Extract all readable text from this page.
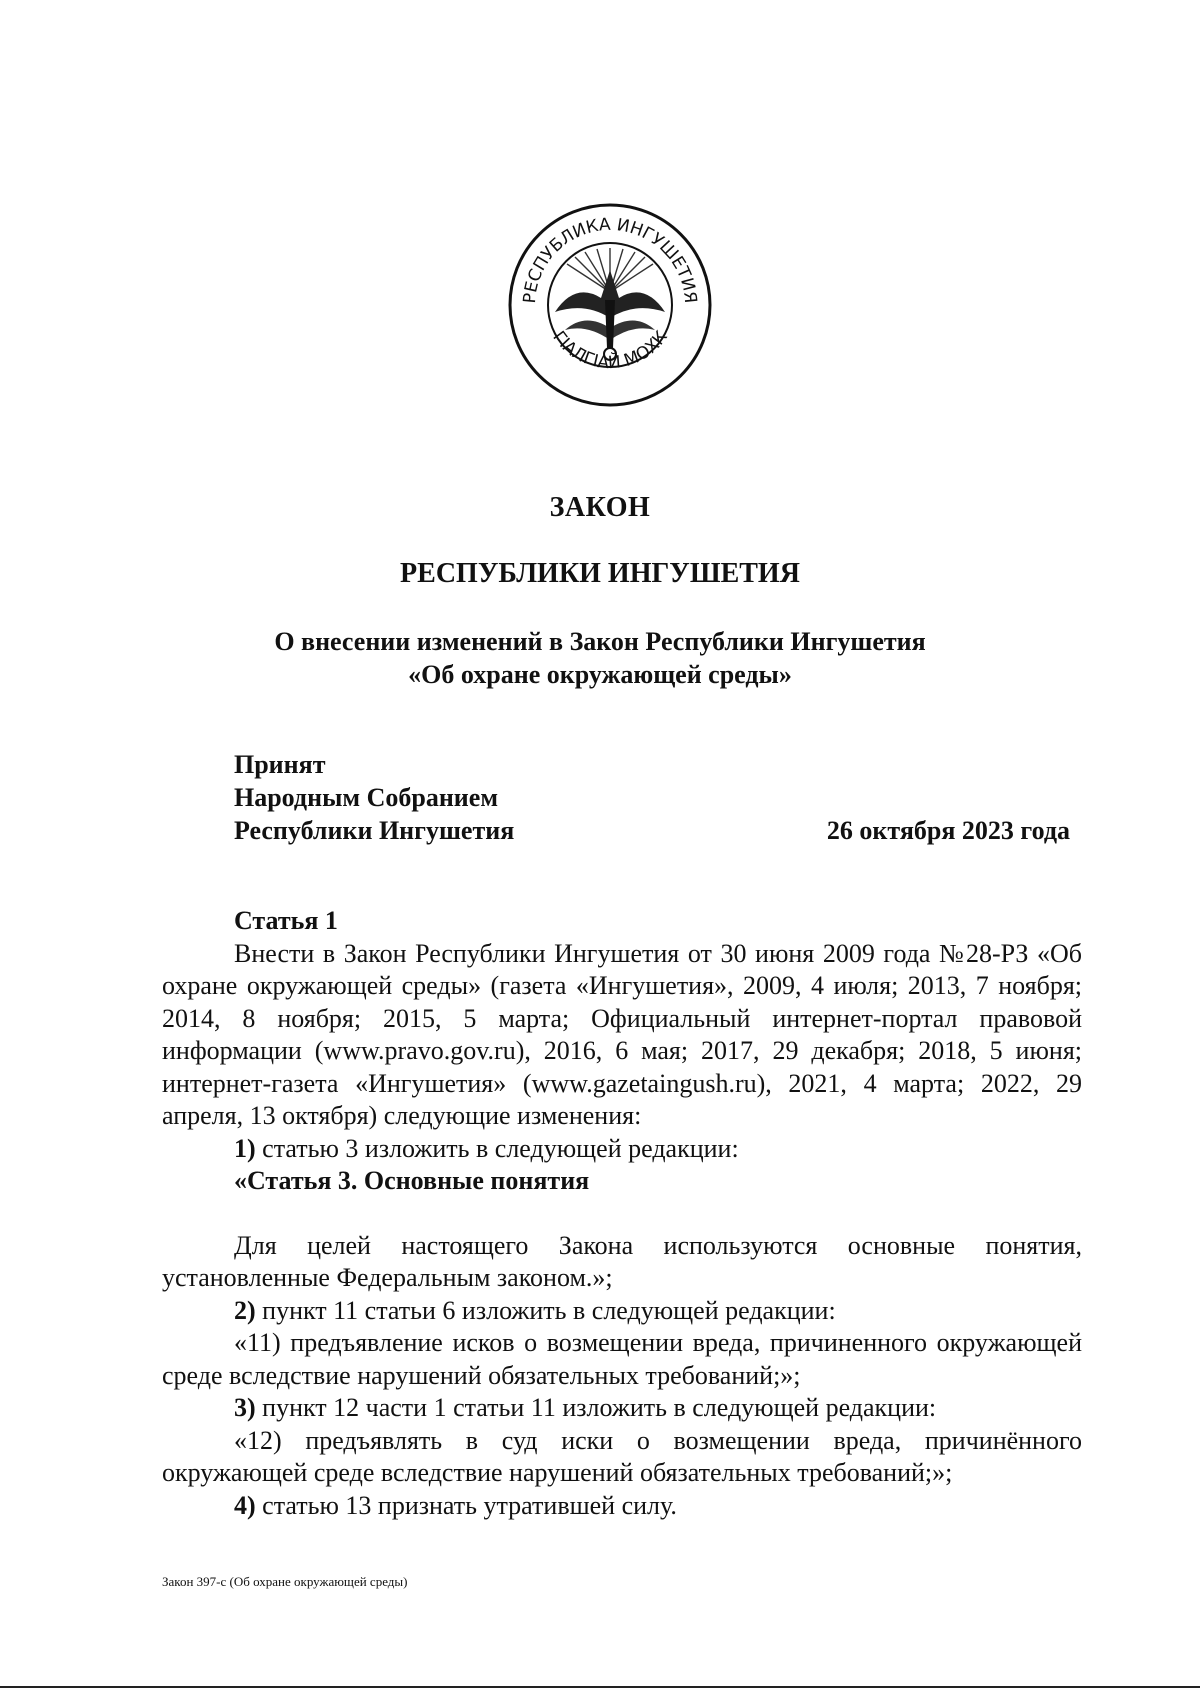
РЕСПУБЛИКА ИНГУШЕТИЯ
ГIАЛГIАЙ МОХК
ЗАКОН
РЕСПУБЛИКИ ИНГУШЕТИЯ
О внесении изменений в Закон Республики Ингушетия
«Об охране окружающей среды»
Принят
Народным Собранием
Республики Ингушетия	26 октября 2023 года

Статья 1

Внести в Закон Республики Ингушетия от 30 июня 2009 года №28-РЗ «Об охране окружающей среды» (газета «Ингушетия», 2009, 4 июля; 2013, 7 ноября; 2014, 8 ноября; 2015, 5 марта; Официальный интернет-портал правовой информации (www.pravo.gov.ru), 2016, 6 мая; 2017, 29 декабря; 2018, 5 июня; интернет-газета «Ингушетия» (www.gazetaingush.ru), 2021, 4 марта; 2022, 29 апреля, 13 октября) следующие изменения:

1) статью 3 изложить в следующей редакции:

«Статья 3. Основные понятия

Для целей настоящего Закона используются основные понятия, установленные Федеральным законом.»;

2) пункт 11 статьи 6 изложить в следующей редакции:

«11) предъявление исков о возмещении вреда, причиненного окружающей среде вследствие нарушений обязательных требований;»;

3) пункт 12 части 1 статьи 11 изложить в следующей редакции:

«12) предъявлять в суд иски о возмещении вреда, причинённого окружающей среде вследствие нарушений обязательных требований;»;

4) статью 13 признать утратившей силу.

Закон 397-с (Об охране окружающей среды)
